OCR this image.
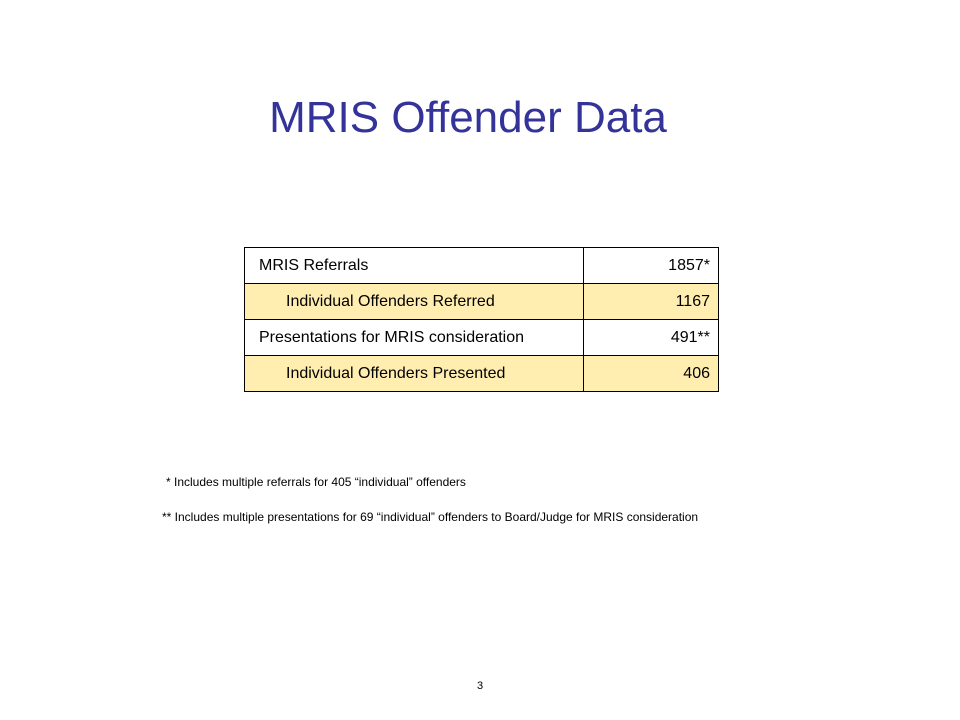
MRIS Offender Data
MRIS Referrals	1857*
Individual Offenders Referred	1167
Presentations for MRIS consideration	491**
Individual Offenders Presented	406
* Includes multiple referrals for 405 “individual” offenders
** Includes multiple presentations for 69 “individual” offenders to Board/Judge for MRIS consideration
3
